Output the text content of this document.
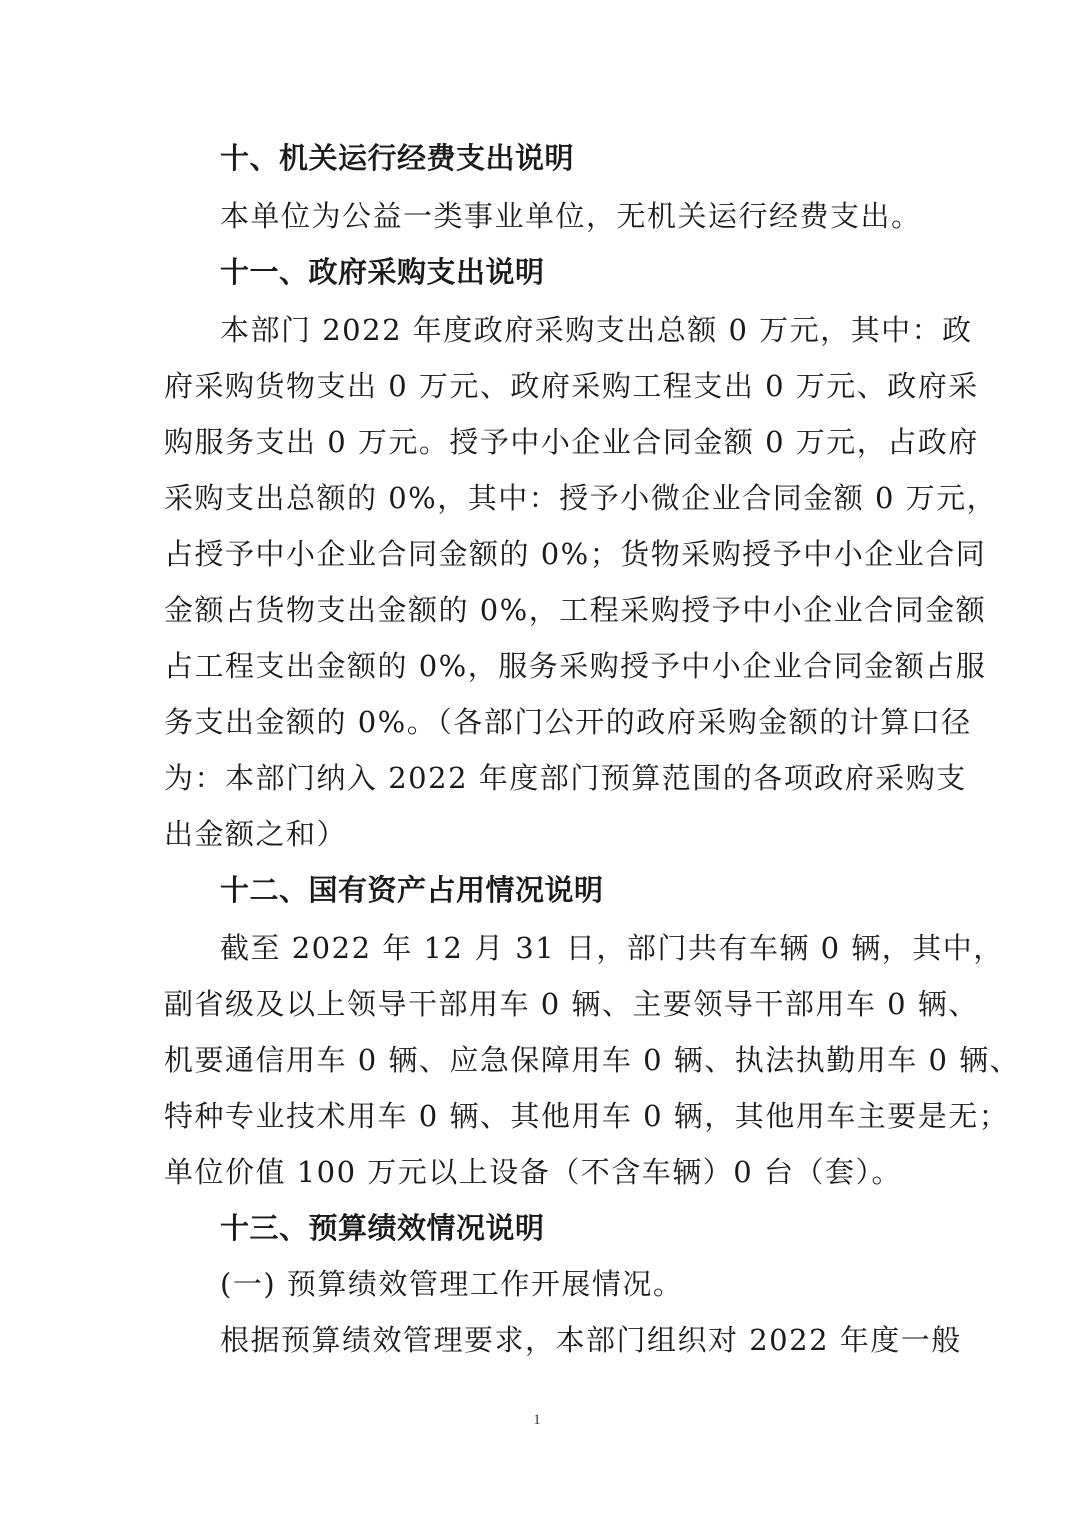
十、机关运行经费支出说明
本单位为公益一类事业单位，无机关运行经费支出。
十一、政府采购支出说明
本部门 2022 年度政府采购支出总额 0 万元，其中：政
府采购货物支出 0 万元、政府采购工程支出 0 万元、政府采
购服务支出 0 万元。授予中小企业合同金额 0 万元，占政府
采购支出总额的 0%，其中：授予小微企业合同金额 0 万元，
占授予中小企业合同金额的 0%；货物采购授予中小企业合同
金额占货物支出金额的 0%，工程采购授予中小企业合同金额
占工程支出金额的 0%，服务采购授予中小企业合同金额占服
务支出金额的 0%。（各部门公开的政府采购金额的计算口径
为：本部门纳入 2022 年度部门预算范围的各项政府采购支
出金额之和）
十二、国有资产占用情况说明
截至 2022 年 12 月 31 日，部门共有车辆 0 辆，其中，
副省级及以上领导干部用车 0 辆、主要领导干部用车 0 辆、
机要通信用车 0 辆、应急保障用车 0 辆、执法执勤用车 0 辆、
特种专业技术用车 0 辆、其他用车 0 辆，其他用车主要是无；
单位价值 100 万元以上设备（不含车辆）0 台（套）。
十三、预算绩效情况说明
(一) 预算绩效管理工作开展情况。
根据预算绩效管理要求，本部门组织对 2022 年度一般
1
